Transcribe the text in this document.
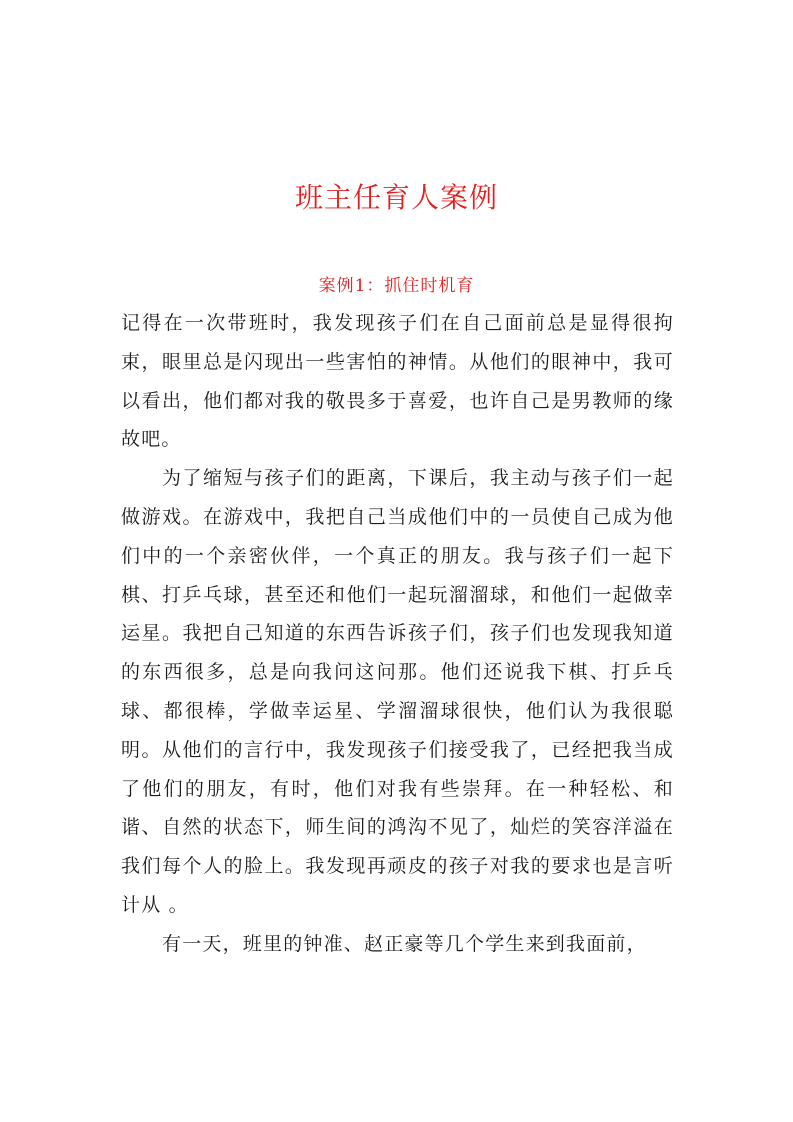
班主任育人案例
案例1：抓住时机育

记得在一次带班时，我发现孩子们在自己面前总是显得很拘束，眼里总是闪现出一些害怕的神情。从他们的眼神中，我可以看出，他们都对我的敬畏多于喜爱，也许自己是男教师的缘故吧。

为了缩短与孩子们的距离，下课后，我主动与孩子们一起做游戏。在游戏中，我把自己当成他们中的一员使自己成为他们中的一个亲密伙伴，一个真正的朋友。我与孩子们一起下棋、打乒乓球，甚至还和他们一起玩溜溜球，和他们一起做幸运星。我把自己知道的东西告诉孩子们，孩子们也发现我知道的东西很多，总是向我问这问那。他们还说我下棋、打乒乓球、都很棒，学做幸运星、学溜溜球很快，他们认为我很聪明。从他们的言行中，我发现孩子们接受我了，已经把我当成了他们的朋友，有时，他们对我有些崇拜。在一种轻松、和谐、自然的状态下，师生间的鸿沟不见了，灿烂的笑容洋溢在我们每个人的脸上。我发现再顽皮的孩子对我的要求也是言听计从 。

有一天，班里的钟准、赵正豪等几个学生来到我面前，
